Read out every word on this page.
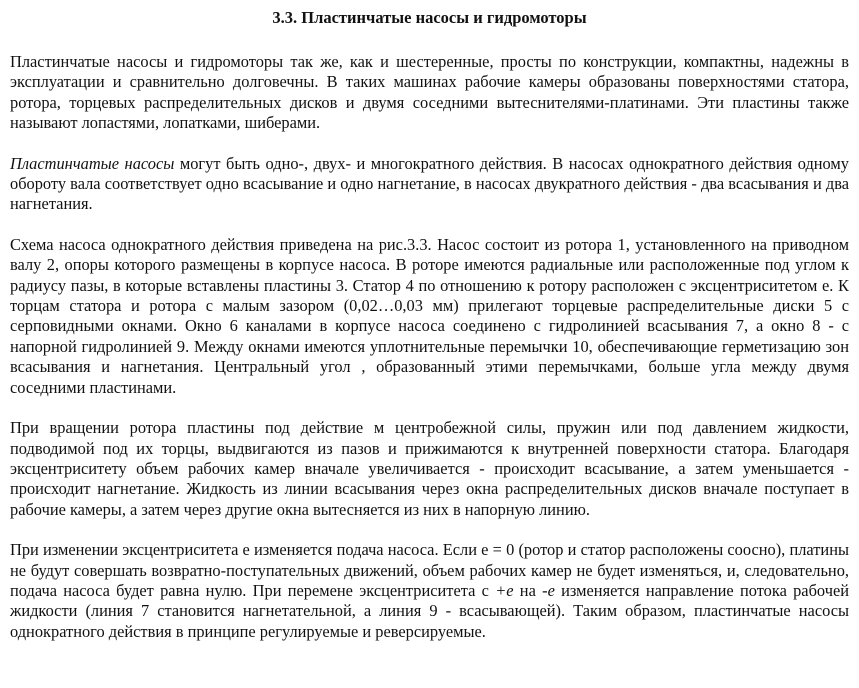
3.3. Пластинчатые насосы и гидромоторы

Пластинчатые насосы и гидромоторы так же, как и шестеренные, просты по конструкции, компактны, надежны в эксплуатации и сравнительно долговечны. В таких машинах рабочие камеры образованы поверхностями статора, ротора, торцевых распределительных дисков и двумя соседними вытеснителями-платинами. Эти пластины также называют лопастями, лопатками, шиберами.

Пластинчатые насосы могут быть одно-, двух- и многократного действия. В насосах однократного действия одному обороту вала соответствует одно всасывание и одно нагнетание, в насосах двукратного действия - два всасывания и два нагнетания.

Схема насоса однократного действия приведена на рис.3.3. Насос состоит из ротора 1, установленного на приводном валу 2, опоры которого размещены в корпусе насоса. В роторе имеются радиальные или расположенные под углом к радиусу пазы, в которые вставлены пластины 3. Статор 4 по отношению к ротору расположен с эксцентриситетом е. К торцам статора и ротора с малым зазором (0,02…0,03 мм) прилегают торцевые распределительные диски 5 с серповидными окнами. Окно 6 каналами в корпусе насоса соединено с гидролинией всасывания 7, а окно 8 - с напорной гидролинией 9. Между окнами имеются уплотнительные перемычки 10, обеспечивающие герметизацию зон всасывания и нагнетания. Центральный угол , образованный этими перемычками, больше угла между двумя соседними пластинами.

При вращении ротора пластины под действие м центробежной силы, пружин или под давлением жидкости, подводимой под их торцы, выдвигаются из пазов и прижимаются к внутренней поверхности статора. Благодаря эксцентриситету объем рабочих камер вначале увеличивается - происходит всасывание, а затем уменьшается - происходит нагнетание. Жидкость из линии всасывания через окна распределительных дисков вначале поступает в рабочие камеры, а затем через другие окна вытесняется из них в напорную линию.

При изменении эксцентриситета е изменяется подача насоса. Если е = 0 (ротор и статор расположены соосно), платины не будут совершать возвратно-поступательных движений, объем рабочих камер не будет изменяться, и, следовательно, подача насоса будет равна нулю. При перемене эксцентриситета с +е на -е изменяется направление потока рабочей жидкости (линия 7 становится нагнетательной, а линия 9 - всасывающей). Таким образом, пластинчатые насосы однократного действия в принципе регулируемые и реверсируемые.
